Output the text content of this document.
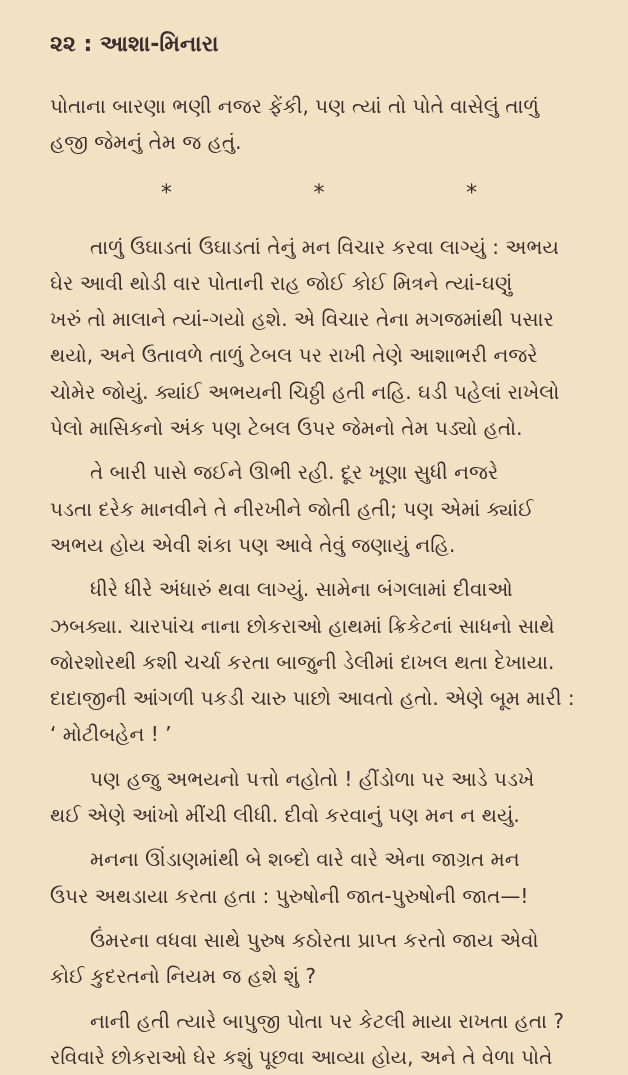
૨૨ : આશા-મિનારા

પોતાના બારણા ભણી નજર ફેંકી, પણ ત્યાં તો પોતે વાસેલું તાળું
હજી જેમનું તેમ જ હતું.

*	*	*

તાળું ઉઘાડતાં ઉઘાડતાં તેનું મન વિચાર કરવા લાગ્યું : અભય
ઘેર આવી થોડી વાર પોતાની રાહ જોઈ કોઈ મિત્રને ત્યાં-ઘણું
ખરું તો માલાને ત્યાં-ગયો હશે. એ વિચાર તેના મગજમાંથી પસાર
થયો, અને ઉતાવળે તાળું ટેબલ પર રાખી તેણે આશાભરી નજરે
ચોમેર જોયું. ક્યાંઈ અભયની ચિઠ્ઠી હતી નહિ. ઘડી પહેલાં રાખેલો
પેલો માસિકનો અંક પણ ટેબલ ઉપર જેમનો તેમ પડ્યો હતો.

તે બારી પાસે જઈને ઊભી રહી. દૂર ખૂણા સુધી નજરે
પડતા દરેક માનવીને તે નીરખીને જોતી હતી; પણ એમાં ક્યાંઈ
અભય હોય એવી શંકા પણ આવે તેવું જણાયું નહિ.

ધીરે ધીરે અંધારું થવા લાગ્યું. સામેના બંગલામાં દીવાઓ
ઝબક્યા. ચારપાંચ નાના છોકરાઓ હાથમાં ક્રિકેટનાં સાધનો સાથે
જોરશોરથી કશી ચર્ચા કરતા બાજુની ડેલીમાં દાખલ થતા દેખાયા.
દાદાજીની આંગળી પકડી ચારુ પાછો આવતો હતો. એણે બૂમ મારી :
‘ મોટીબહેન ! ’

પણ હજુ અભયનો પત્તો નહોતો ! હીંડોળા પર આડે પડખે
થઈ એણે આંખો મીંચી લીધી. દીવો કરવાનું પણ મન ન થયું.

મનના ઊંડાણમાંથી બે શબ્દો વારે વારે એના જાગ્રત મન
ઉપર અથડાયા કરતા હતા : પુરુષોની જાત-પુરુષોની જાત—!

ઉંમરના વધવા સાથે પુરુષ કઠોરતા પ્રાપ્ત કરતો જાય એવો
કોઈ કુદરતનો નિયમ જ હશે શું ?

નાની હતી ત્યારે બાપુજી પોતા પર કેટલી માયા રાખતા હતા ?
રવિવારે છોકરાઓ ઘેર કશું પૂછવા આવ્યા હોય, અને તે વેળા પોતે
